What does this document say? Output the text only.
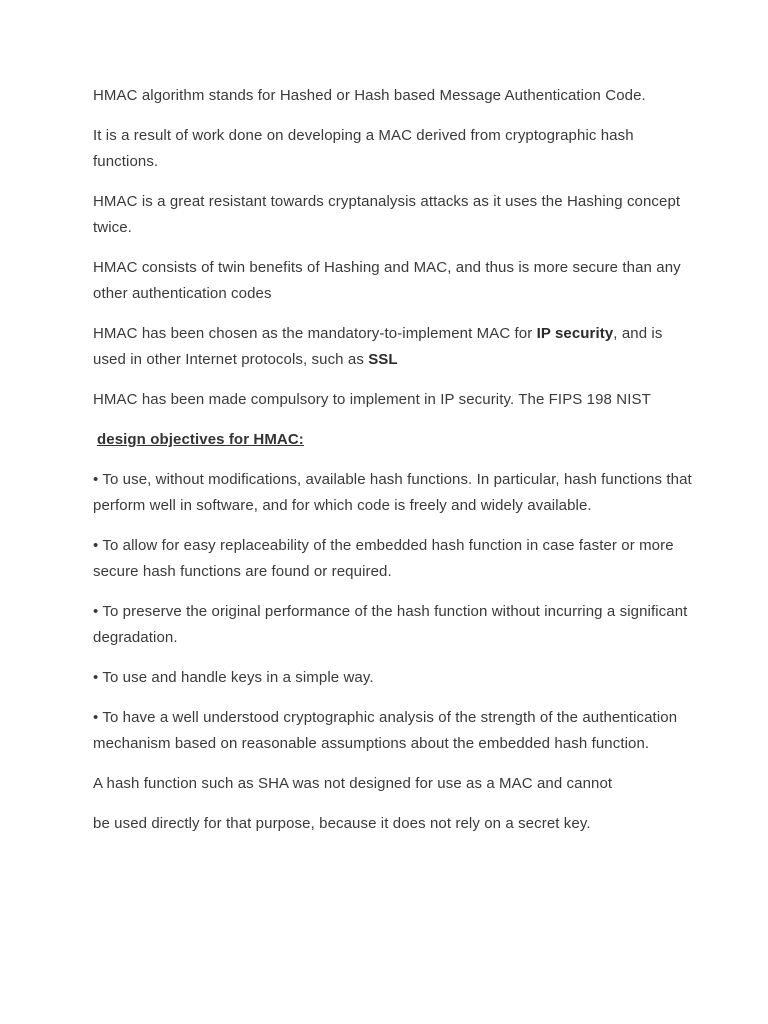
HMAC algorithm stands for Hashed or Hash based Message Authentication Code.

It is a result of work done on developing a MAC derived from cryptographic hash functions.

HMAC is a great resistant towards cryptanalysis attacks as it uses the Hashing concept twice.

HMAC consists of twin benefits of Hashing and MAC, and thus is more secure than any other authentication codes

HMAC has been chosen as the mandatory-to-implement MAC for IP security, and is used in other Internet protocols, such as SSL

HMAC has been made compulsory to implement in IP security. The FIPS 198 NIST

design objectives for HMAC:

• To use, without modifications, available hash functions. In particular, hash functions that perform well in software, and for which code is freely and widely available.

• To allow for easy replaceability of the embedded hash function in case faster or more secure hash functions are found or required.

• To preserve the original performance of the hash function without incurring a significant degradation.

• To use and handle keys in a simple way.

• To have a well understood cryptographic analysis of the strength of the authentication mechanism based on reasonable assumptions about the embedded hash function.

A hash function such as SHA was not designed for use as a MAC and cannot

be used directly for that purpose, because it does not rely on a secret key.
